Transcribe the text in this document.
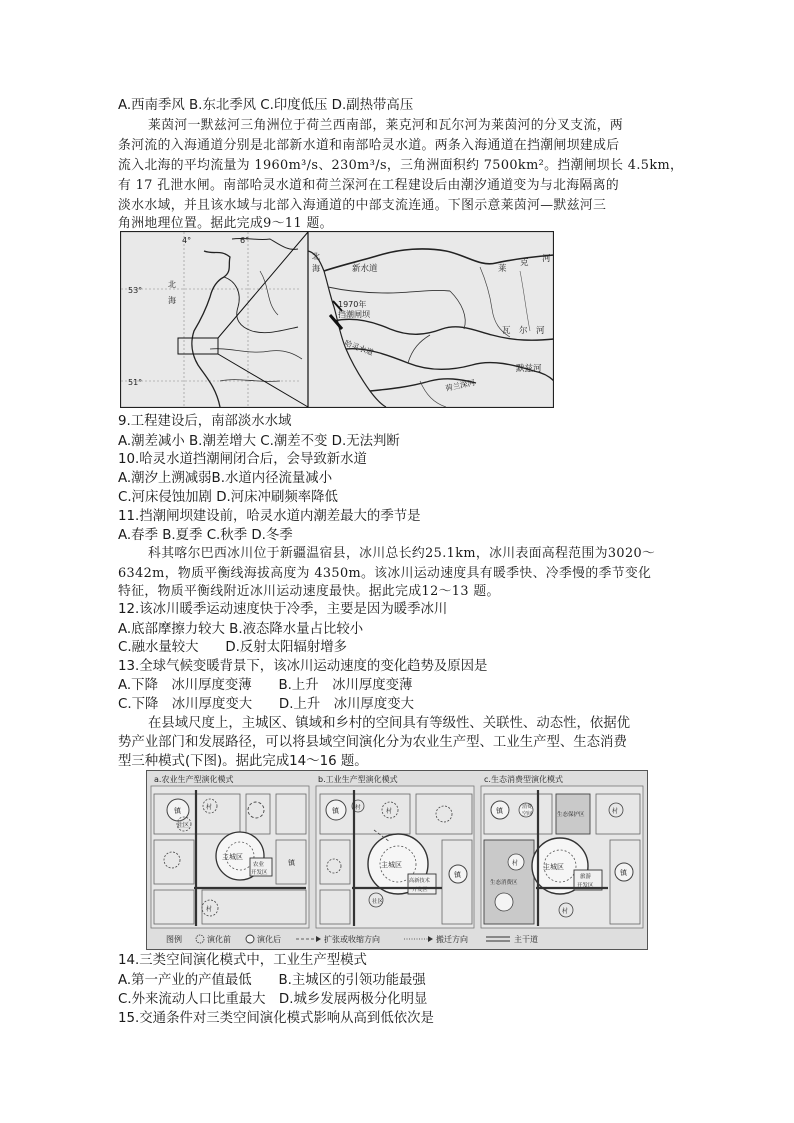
A.西南季风 B.东北季风 C.印度低压 D.副热带高压
莱茵河一默兹河三角洲位于荷兰西南部，莱克河和瓦尔河为莱茵河的分叉支流，两
条河流的入海通道分别是北部新水道和南部哈灵水道。两条入海通道在挡潮闸坝建成后
流入北海的平均流量为 1960m³/s、230m³/s，三角洲面积约 7500km²。挡潮闸坝长 4.5km，
有 17 孔泄水闸。南部哈灵水道和荷兰深河在工程建设后由潮汐通道变为与北海隔离的
淡水水域，并且该水域与北部入海通道的中部支流连通。下图示意莱茵河—默兹河三
角洲地理位置。据此完成9～11 题。
4°	6°
53°
51°
北
海
北
海	新水道	莱
克 河
1970年
挡潮闸坝
哈灵水道
荷兰深河
瓦　尔　河
默兹河
9.工程建设后，南部淡水水域
A.潮差减小 B.潮差增大 C.潮差不变 D.无法判断
10.哈灵水道挡潮闸闭合后，会导致新水道
A.潮汐上溯减弱B.水道内径流量减小
C.河床侵蚀加剧 D.河床冲刷频率降低
11.挡潮闸坝建设前，哈灵水道内潮差最大的季节是
A.春季 B.夏季 C.秋季 D.冬季
科其喀尔巴西冰川位于新疆温宿县，冰川总长约25.1km，冰川表面高程范围为3020～
6342m，物质平衡线海拔高度为 4350m。该冰川运动速度具有暖季快、冷季慢的季节变化
特征，物质平衡线附近冰川运动速度最快。据此完成12～13 题。
12.该冰川暖季运动速度快于冷季，主要是因为暖季冰川
A.底部摩擦力较大 B.液态降水量占比较小
C.融水量较大　　D.反射太阳辐射增多
13.全球气候变暖背景下，该冰川运动速度的变化趋势及原因是
A.下降　冰川厚度变薄　　B.上升　冰川厚度变薄
C.下降　冰川厚度变大　　D.上升　冰川厚度变大
在县域尺度上，主城区、镇域和乡村的空间具有等级性、关联性、动态性，依据优
势产业部门和发展路径，可以将县域空间演化分为农业生产型、工业生产型、生态消费
型三种模式(下图)。据此完成14～16 题。
a.农业生产型演化模式
镇
社区
村
主城区
农业
开发区
镇
村
b.工业生产型演化模式
镇	村	村
主城区
高新技术
开发区
社区
镇
c.生态消费型演化模式
镇	消费
空间	生态保护区	村
村
生态消费区
主城区
旅游
开发区
镇
村
图例	演化前	演化后	扩张或收缩方向	搬迁方向	主干道
14.三类空间演化模式中，工业生产型模式
A.第一产业的产值最低　　B.主城区的引领功能最强
C.外来流动人口比重最大　D.城乡发展两极分化明显
15.交通条件对三类空间演化模式影响从高到低依次是
